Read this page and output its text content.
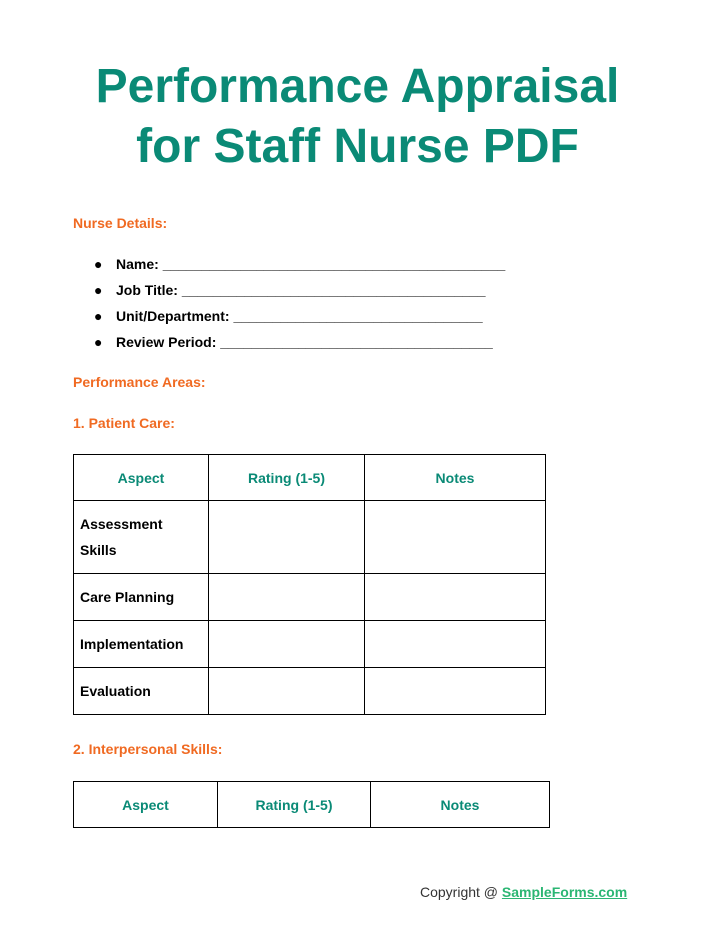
Performance Appraisal
for Staff Nurse PDF

Nurse Details:

● Name: ____________________________________________
● Job Title: _______________________________________
● Unit/Department: ________________________________
● Review Period: ___________________________________

Performance Areas:

1. Patient Care:

Aspect	Rating (1-5)	Notes
Assessment Skills		
Care Planning		
Implementation		
Evaluation		

2. Interpersonal Skills:

Aspect	Rating (1-5)	Notes
Copyright @ SampleForms.com
